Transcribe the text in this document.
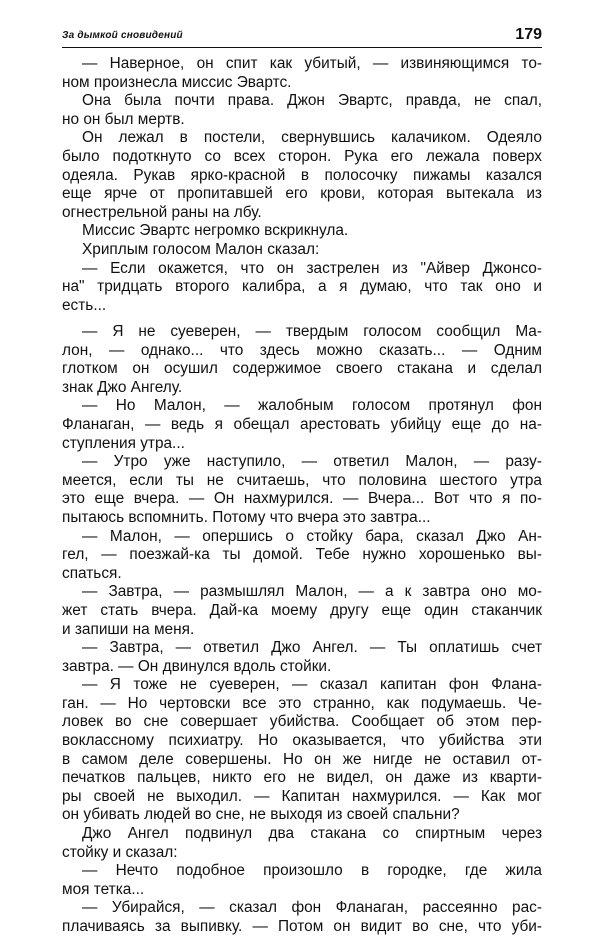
За дымкой сновидений	179
— Наверное, он спит как убитый, — извиняющимся то-
ном произнесла миссис Эвартс.
Она была почти права. Джон Эвартс, правда, не спал,
но он был мертв.
Он лежал в постели, свернувшись калачиком. Одеяло
было подоткнуто со всех сторон. Рука его лежала поверх
одеяла. Рукав ярко-красной в полосочку пижамы казался
еще ярче от пропитавшей его крови, которая вытекала из
огнестрельной раны на лбу.
Миссис Эвартс негромко вскрикнула.
Хриплым голосом Малон сказал:
— Если окажется, что он застрелен из "Айвер Джонсо-
на" тридцать второго калибра, а я думаю, что так оно и
есть...
— Я не суеверен, — твердым голосом сообщил Ма-
лон, — однако... что здесь можно сказать... — Одним
глотком он осушил содержимое своего стакана и сделал
знак Джо Ангелу.
— Но Малон, — жалобным голосом протянул фон
Фланаган, — ведь я обещал арестовать убийцу еще до на-
ступления утра...
— Утро уже наступило, — ответил Малон, — разу-
меется, если ты не считаешь, что половина шестого утра
это еще вчера. — Он нахмурился. — Вчера... Вот что я по-
пытаюсь вспомнить. Потому что вчера это завтра...
— Малон, — опершись о стойку бара, сказал Джо Ан-
гел, — поезжай-ка ты домой. Тебе нужно хорошенько вы-
спаться.
— Завтра, — размышлял Малон, — а к завтра оно мо-
жет стать вчера. Дай-ка моему другу еще один стаканчик
и запиши на меня.
— Завтра, — ответил Джо Ангел. — Ты оплатишь счет
завтра. — Он двинулся вдоль стойки.
— Я тоже не суеверен, — сказал капитан фон Флана-
ган. — Но чертовски все это странно, как подумаешь. Че-
ловек во сне совершает убийства. Сообщает об этом пер-
воклассному психиатру. Но оказывается, что убийства эти
в самом деле совершены. Но он же нигде не оставил от-
печатков пальцев, никто его не видел, он даже из кварти-
ры своей не выходил. — Капитан нахмурился. — Как мог
он убивать людей во сне, не выходя из своей спальни?
Джо Ангел подвинул два стакана со спиртным через
стойку и сказал:
— Нечто подобное произошло в городке, где жила
моя тетка...
— Убирайся, — сказал фон Фланаган, рассеянно рас-
плачиваясь за выпивку. — Потом он видит во сне, что уби-
